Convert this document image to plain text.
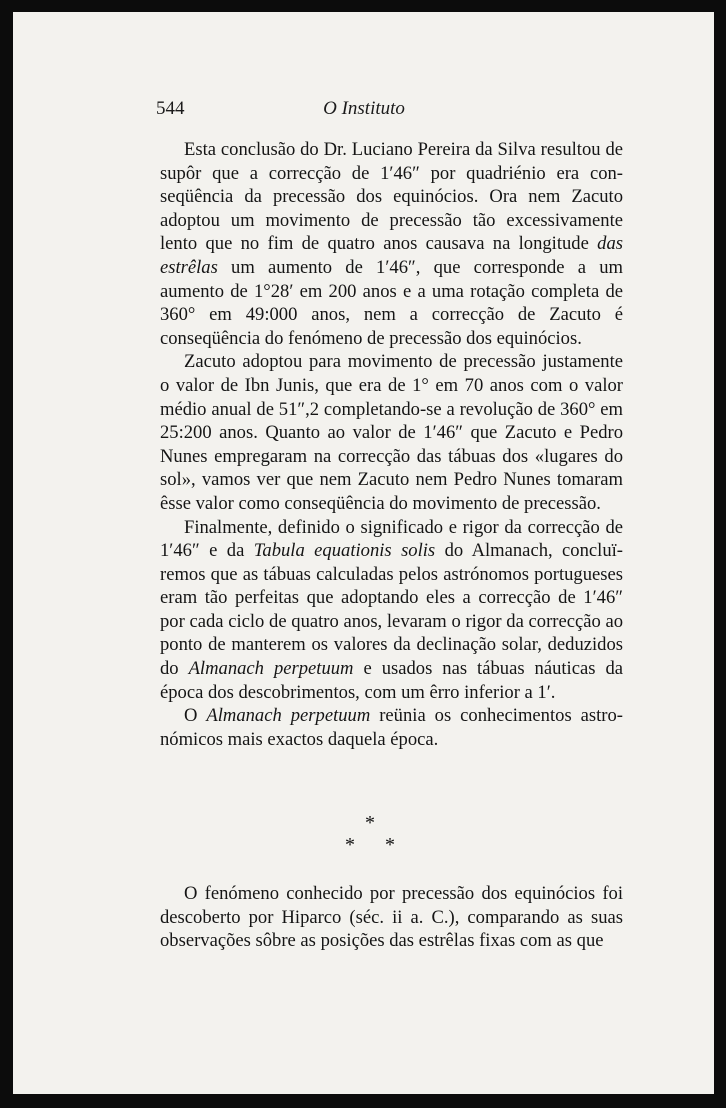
544	O Instituto

Esta conclusão do Dr. Luciano Pereira da Silva resultou de supôr que a correcção de 1′46″ por quadriénio era conseqüência da precessão dos equinócios. Ora nem Zacuto adoptou um movimento de precessão tão excessivamente lento que no fim de quatro anos causava na longitude das estrêlas um aumento de 1′46″, que corresponde a um aumento de 1°28′ em 200 anos e a uma rotação completa de 360° em 49:000 anos, nem a correcção de Zacuto é conseqüência do fenómeno de precessão dos equinócios.

Zacuto adoptou para movimento de precessão justamente o valor de Ibn Junis, que era de 1° em 70 anos com o valor médio anual de 51″,2 completando-se a revolução de 360° em 25:200 anos. Quanto ao valor de 1′46″ que Zacuto e Pedro Nunes empregaram na correcção das tábuas dos «lugares do sol», vamos ver que nem Zacuto nem Pedro Nunes tomaram êsse valor como conseqüência do movimento de precessão.

Finalmente, definido o significado e rigor da correcção de 1′46″ e da Tabula equationis solis do Almanach, concluïremos que as tábuas calculadas pelos astrónomos portugueses eram tão perfeitas que adoptando eles a correcção de 1′46″ por cada ciclo de quatro anos, levaram o rigor da correcção ao ponto de manterem os valores da declinação solar, deduzidos do Almanach perpetuum e usados nas tábuas náuticas da época dos descobrimentos, com um êrro inferior a 1′.

O Almanach perpetuum reünia os conhecimentos astronómicos mais exactos daquela época.

*
* *

O fenómeno conhecido por precessão dos equinócios foi descoberto por Hiparco (séc. ii a. C.), comparando as suas observações sôbre as posições das estrêlas fixas com as que
